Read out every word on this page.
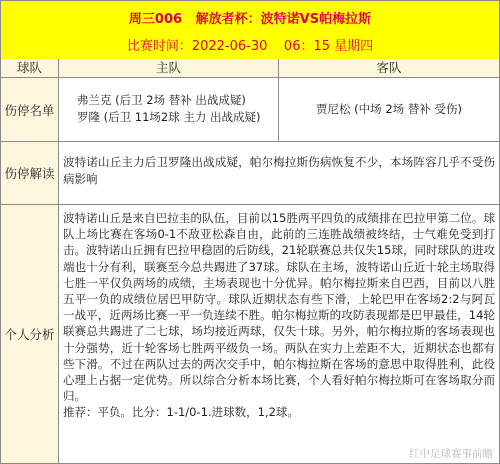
周三006 解放者杯：波特诺VS帕梅拉斯
比赛时间：2022-06-30 06：15 星期四
球队	主队	客队
伤停名单
弗兰克 (后卫 2场 替补 出战成疑)
罗隆 (后卫 11场2球 主力 出战成疑)
贾尼松 (中场 2场 替补 受伤)
伤停解读
波特诺山丘主力后卫罗隆出战成疑，帕尔梅拉斯伤病恢复不少，本场阵容几乎不受伤病影响
个人分析
波特诺山丘是来自巴拉圭的队伍，目前以15胜两平四负的成绩排在巴拉甲第二位。球队上场比赛在客场0-1不敌亚松森自由，此前的三连胜战绩被终结，士气难免受到打击。波特诺山丘拥有巴拉甲稳固的后防线，21轮联赛总共仅失15球，同时球队的进攻端也十分有利，联赛至今总共踢进了37球。球队在主场，波特诺山丘近十轮主场取得七胜一平仅负两场的成绩，主场表现也十分优异。帕尔梅拉斯来自巴西，目前以八胜五平一负的成绩位居巴甲防守。球队近期状态有些下滑，上轮巴甲在客场2:2与阿瓦一战平，近两场比赛一平一负连续不胜。帕尔梅拉斯的攻防表现都是巴甲最佳，14轮联赛总共踢进了二七球，场均接近两球，仅失十球。另外，帕尔梅拉斯的客场表现也十分强势，近十轮客场七胜两平级负一场。两队在实力上差距不大，近期状态也都有些下滑。不过在两队过去的两次交手中，帕尔梅拉斯在客场的意思中取得胜利，此役心理上占据一定优势。所以综合分析本场比赛，个人看好帕尔梅拉斯可在客场取分而归。
推荐：平负。比分：1-1/0-1.进球数，1,2球。
红中足球赛事前瞻
